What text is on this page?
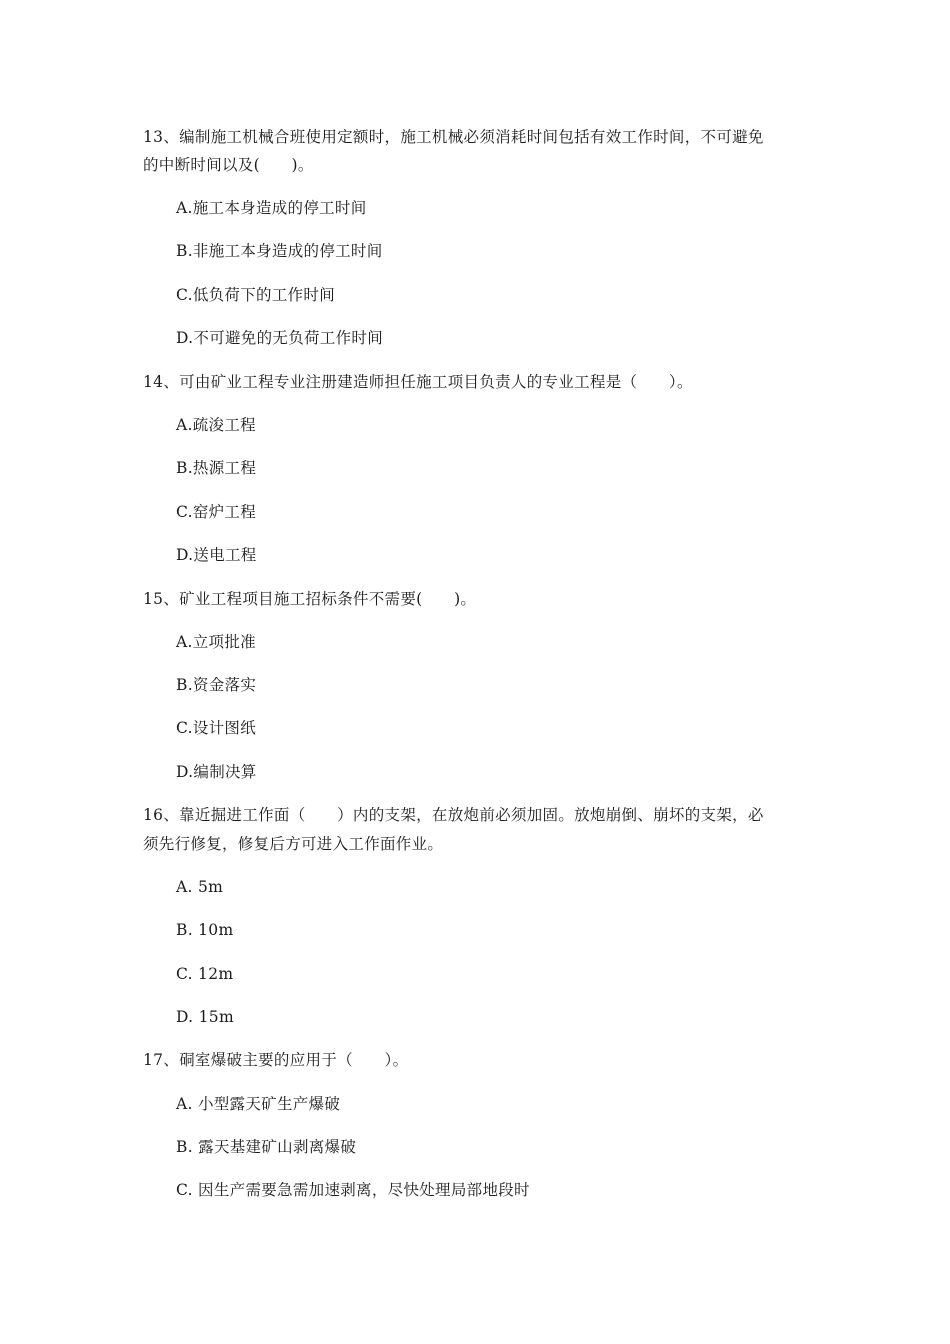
13、编制施工机械合班使用定额时，施工机械必须消耗时间包括有效工作时间，不可避免
的中断时间以及(　　)。
A.施工本身造成的停工时间
B.非施工本身造成的停工时间
C.低负荷下的工作时间
D.不可避免的无负荷工作时间
14、可由矿业工程专业注册建造师担任施工项目负责人的专业工程是（　　）。
A.疏浚工程
B.热源工程
C.窑炉工程
D.送电工程
15、矿业工程项目施工招标条件不需要(　　)。
A.立项批准
B.资金落实
C.设计图纸
D.编制决算
16、靠近掘进工作面（　　）内的支架，在放炮前必须加固。放炮崩倒、崩坏的支架，必
须先行修复，修复后方可进入工作面作业。
A. 5m
B. 10m
C. 12m
D. 15m
17、硐室爆破主要的应用于（　　）。
A. 小型露天矿生产爆破
B. 露天基建矿山剥离爆破
C. 因生产需要急需加速剥离，尽快处理局部地段时
